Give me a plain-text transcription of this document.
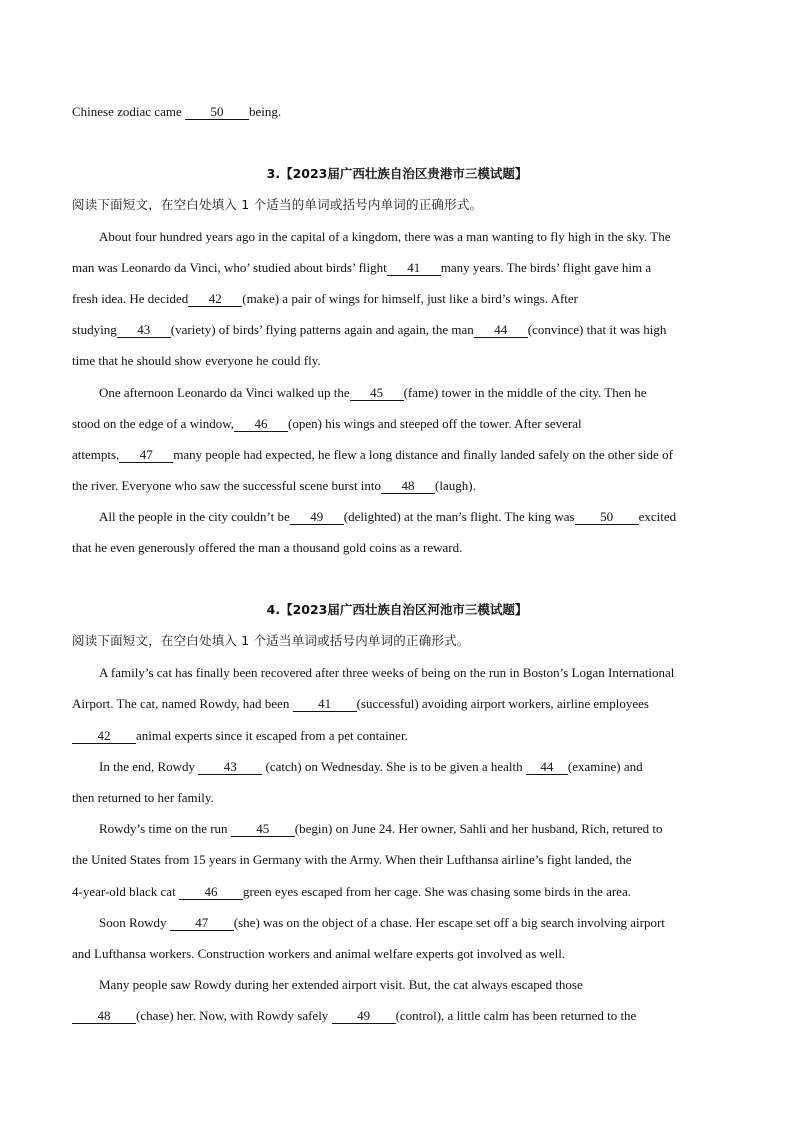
Chinese zodiac came 50 being.
3.【2023届广西壮族自治区贵港市三模试题】
阅读下面短文，在空白处填入 1 个适当的单词或括号内单词的正确形式。
About four hundred years ago in the capital of a kingdom, there was a man wanting to fly high in the sky. The
man was Leonardo da Vinci, who’ studied about birds’ flight 41 many years. The birds’ flight gave him a
fresh idea. He decided 42 (make) a pair of wings for himself, just like a bird’s wings. After
studying 43 (variety) of birds’ flying patterns again and again, the man 44 (convince) that it was high
time that he should show everyone he could fly.
One afternoon Leonardo da Vinci walked up the 45 (fame) tower in the middle of the city. Then he
stood on the edge of a window, 46 (open) his wings and steeped off the tower. After several
attempts, 47 many people had expected, he flew a long distance and finally landed safely on the other side of
the river. Everyone who saw the successful scene burst into 48 (laugh).
All the people in the city couldn’t be 49 (delighted) at the man’s flight. The king was 50 excited
that he even generously offered the man a thousand gold coins as a reward.
4.【2023届广西壮族自治区河池市三模试题】
阅读下面短文，在空白处填入 1 个适当单词或括号内单词的正确形式。
A family’s cat has finally been recovered after three weeks of being on the run in Boston’s Logan International
Airport. The cat, named Rowdy, had been 41 (successful) avoiding airport workers, airline employees
42 animal experts since it escaped from a pet container.
In the end, Rowdy 43 (catch) on Wednesday. She is to be given a health 44 (examine) and
then returned to her family.
Rowdy’s time on the run 45 (begin) on June 24. Her owner, Sahli and her husband, Rich, retured to
the United States from 15 years in Germany with the Army. When their Lufthansa airline’s fight landed, the
4-year-old black cat 46 green eyes escaped from her cage. She was chasing some birds in the area.
Soon Rowdy 47 (she) was on the object of a chase. Her escape set off a big search involving airport
and Lufthansa workers. Construction workers and animal welfare experts got involved as well.
Many people saw Rowdy during her extended airport visit. But, the cat always escaped those
48 (chase) her. Now, with Rowdy safely 49 (control), a little calm has been returned to the
